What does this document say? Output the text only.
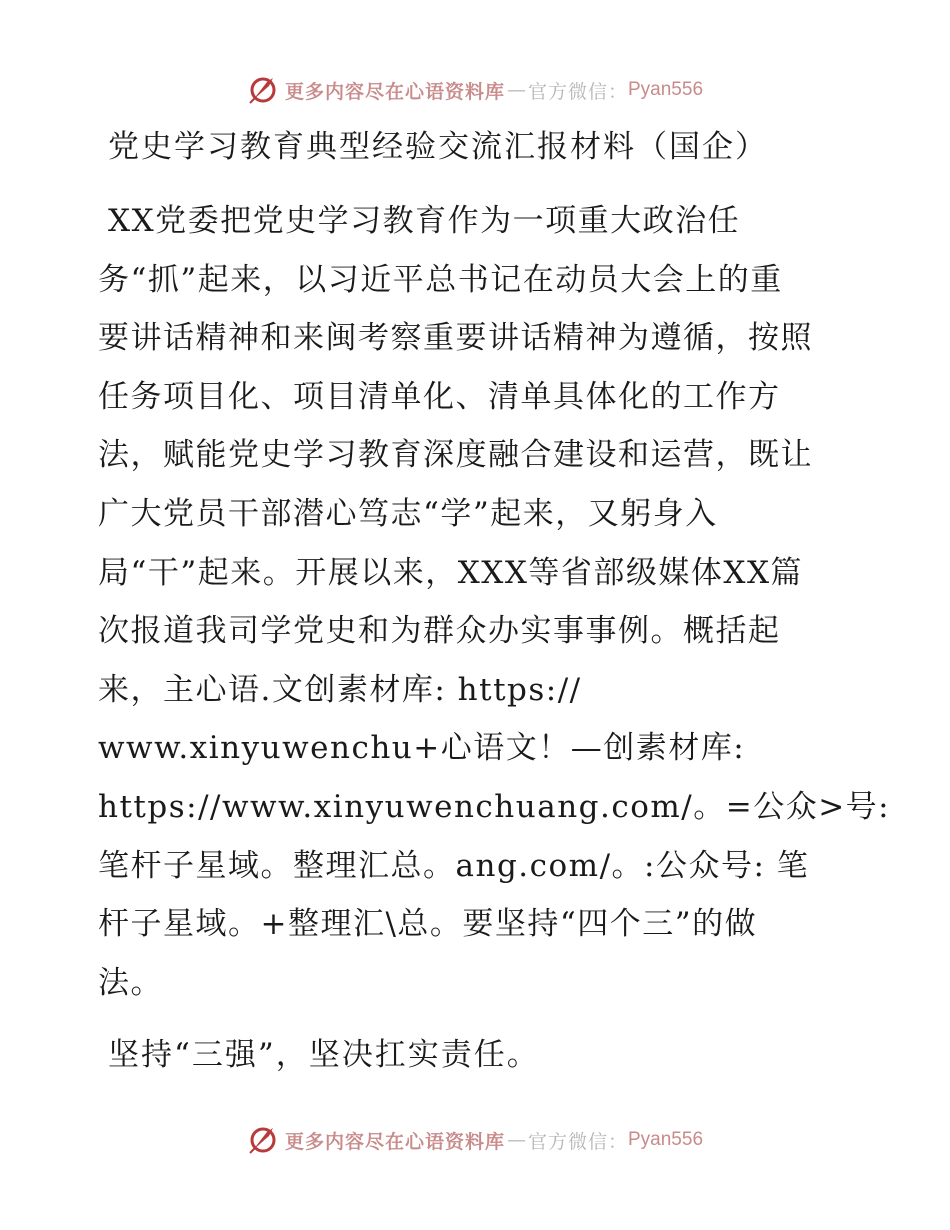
更多内容尽在心语资料库 — 官方微信： Pyan556
党史学习教育典型经验交流汇报材料（国企）
XX党委把党史学习教育作为一项重大政治任
务“抓”起来，以习近平总书记在动员大会上的重
要讲话精神和来闽考察重要讲话精神为遵循，按照
任务项目化、项目清单化、清单具体化的工作方
法，赋能党史学习教育深度融合建设和运营，既让
广大党员干部潜心笃志“学”起来，又躬身入
局“干”起来。开展以来，XXX等省部级媒体XX篇
次报道我司学党史和为群众办实事事例。概括起
来，主心语.文创素材库: https://
www.xinyuwenchu+心语文！—创素材库:
https://www.xinyuwenchuang.com/。=公众>号:
笔杆子星域。整理汇总。ang.com/。:公众号: 笔
杆子星域。+整理汇\总。要坚持“四个三”的做
法。
坚持“三强”，坚决扛实责任。
更多内容尽在心语资料库 — 官方微信： Pyan556
